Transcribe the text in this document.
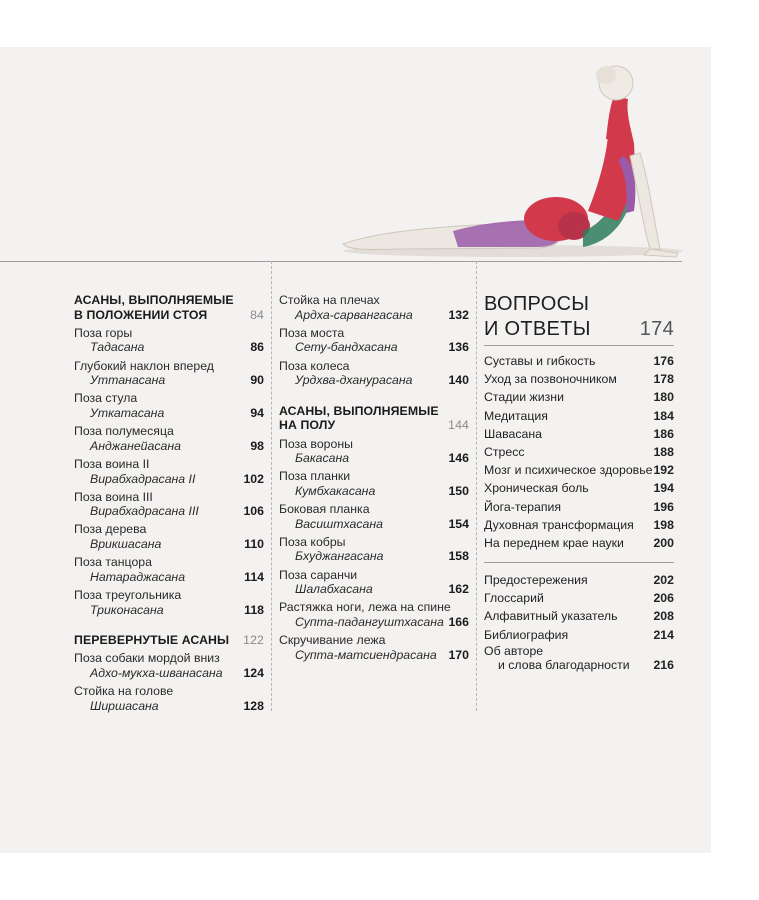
АСАНЫ, ВЫПОЛНЯЕМЫЕ В ПОЛОЖЕНИИ СТОЯ	84
Поза горы
Тадасана	86
Глубокий наклон вперед
Уттанасана	90
Поза стула
Уткатасана	94
Поза полумесяца
Анджанейасана	98
Поза воина II
Вирабхадрасана II	102
Поза воина III
Вирабхадрасана III	106
Поза дерева
Врикшасана	110
Поза танцора
Натараджасана	114
Поза треугольника
Триконасана	118
ПЕРЕВЕРНУТЫЕ АСАНЫ	122
Поза собаки мордой вниз
Адхо-мукха-шванасана	124
Стойка на голове
Ширшасана	128
Стойка на плечах
Ардха-сарвангасана	132
Поза моста
Сету-бандхасана	136
Поза колеса
Урдхва-дханурасана	140
АСАНЫ, ВЫПОЛНЯЕМЫЕ НА ПОЛУ	144
Поза вороны
Бакасана	146
Поза планки
Кумбхакасана	150
Боковая планка
Васиштхасана	154
Поза кобры
Бхуджангасана	158
Поза саранчи
Шалабхасана	162
Растяжка ноги, лежа на спине
Супта-падангуштхасана 166
Скручивание лежа
Супта-матсиендрасана 170
ВОПРОСЫ
И ОТВЕТЫ	174
Суставы и гибкость	176
Уход за позвоночником	178
Стадии жизни	180
Медитация	184
Шавасана	186
Стресс	188
Мозг и психическое здоровье 192
Хроническая боль	194
Йога-терапия	196
Духовная трансформация 198
На переднем крае науки 200
Предостережения	202
Глоссарий	206
Алфавитный указатель	208
Библиография	214
Об авторе
и слова благодарности	216
